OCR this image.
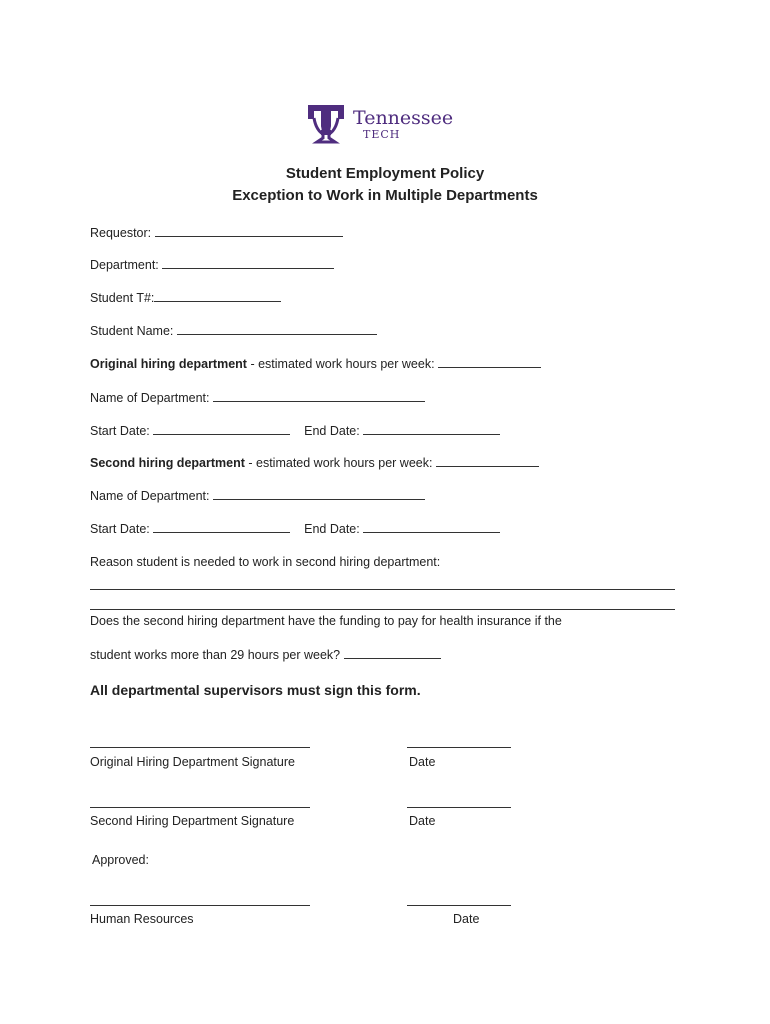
Tennessee
TECH
Student Employment Policy
Exception to Work in Multiple Departments
Requestor:
Department:
Student T#:
Student Name:
Original hiring department - estimated work hours per week:
Name of Department:
Start Date:	End Date:
Second hiring department - estimated work hours per week:
Name of Department:
Start Date:	End Date:
Reason student is needed to work in second hiring department:
Does the second hiring department have the funding to pay for health insurance if the
student works more than 29 hours per week?
All departmental supervisors must sign this form.
Original Hiring Department Signature	Date
Second Hiring Department Signature	Date
Approved:
Human Resources	Date
